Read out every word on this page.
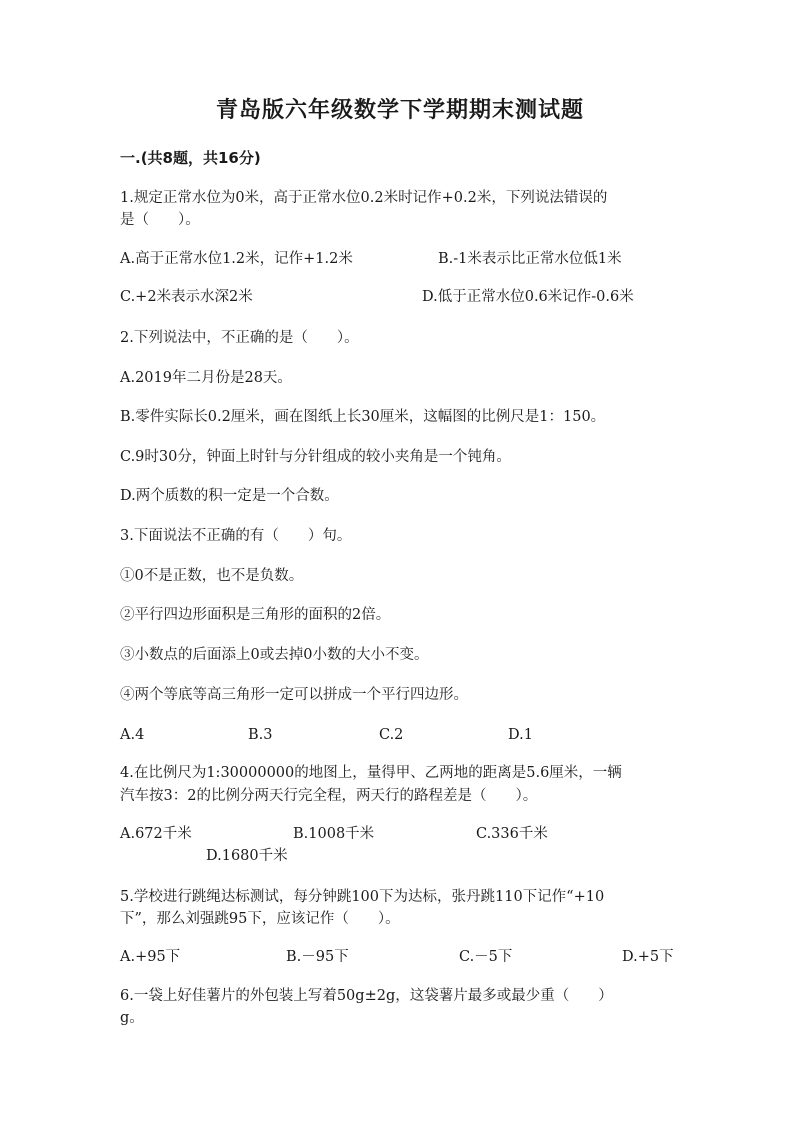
青岛版六年级数学下学期期末测试题
一.(共8题，共16分)
1.规定正常水位为0米，高于正常水位0.2米时记作+0.2米，下列说法错误的
是（　　）。
A.高于正常水位1.2米，记作+1.2米	B.-1米表示比正常水位低1米
C.+2米表示水深2米	D.低于正常水位0.6米记作-0.6米
2.下列说法中，不正确的是（　　）。
A.2019年二月份是28天。
B.零件实际长0.2厘米，画在图纸上长30厘米，这幅图的比例尺是1：150。
C.9时30分，钟面上时针与分针组成的较小夹角是一个钝角。
D.两个质数的积一定是一个合数。
3.下面说法不正确的有（　　）句。
①0不是正数，也不是负数。
②平行四边形面积是三角形的面积的2倍。
③小数点的后面添上0或去掉0小数的大小不变。
④两个等底等高三角形一定可以拼成一个平行四边形。
A.4	B.3	C.2	D.1
4.在比例尺为1:30000000的地图上，量得甲、乙两地的距离是5.6厘米，一辆
汽车按3：2的比例分两天行完全程，两天行的路程差是（　　）。
A.672千米	B.1008千米	C.336千米
D.1680千米
5.学校进行跳绳达标测试，每分钟跳100下为达标，张丹跳110下记作“+10
下”，那么刘强跳95下，应该记作（　　）。
A.+95下	B.－95下	C.－5下	D.+5下
6.一袋上好佳薯片的外包装上写着50g±2g，这袋薯片最多或最少重（　　）
g。
